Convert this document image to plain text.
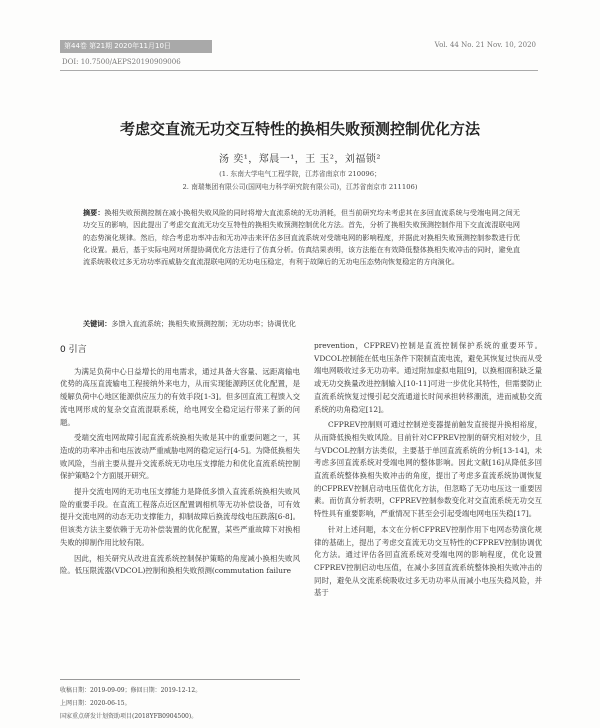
第44卷 第21期 2020年11月10日	Vol. 44 No. 21 Nov. 10, 2020
DOI: 10.7500/AEPS20190909006
考虑交直流无功交互特性的换相失败预测控制优化方法
汤 奕¹，郑晨一¹，王 玉²，刘福锁²
(1. 东南大学电气工程学院，江苏省南京市 210096；
2. 南瑞集团有限公司(国网电力科学研究院有限公司)，江苏省南京市 211106)
摘要：换相失败预测控制在减小换相失败风险的同时将增大直流系统的无功消耗，但当前研究均未考虑其在多回直流系统与受端电网之间无功交互的影响，因此提出了考虑交直流无功交互特性的换相失败预测控制优化方法。首先，分析了换相失败预测控制作用下交直流混联电网的态势演化规律。然后，综合考虑功率冲击和无功冲击来评估多回直流系统对受端电网的影响程度，并据此对换相失败预测控制参数进行优化设置。最后，基于实际电网对所提协调优化方法进行了仿真分析。仿真结果表明，该方法能在有效降低整体换相失败冲击的同时，避免直流系统吸收过多无功功率而威胁交直流混联电网的无功电压稳定，有利于故障后的无功电压态势向恢复稳定的方向演化。
关键词：多馈入直流系统；换相失败预测控制；无功功率；协调优化
0 引言

为满足负荷中心日益增长的用电需求，通过具备大容量、远距离输电优势的高压直流输电工程接纳外来电力，从而实现能源跨区优化配置，是缓解负荷中心地区能源供应压力的有效手段[1-3]。但多回直流工程馈入交流电网形成的复杂交直流混联系统，给电网安全稳定运行带来了新的问题。

受端交流电网故障引起直流系统换相失败是其中的重要问题之一，其造成的功率冲击和电压波动严重威胁电网的稳定运行[4-5]。为降低换相失败风险，当前主要从提升交流系统无功电压支撑能力和优化直流系统控制保护策略2个方面展开研究。

提升交流电网的无功电压支撑能力是降低多馈入直流系统换相失败风险的重要手段。在直流工程落点近区配置调相机等无功补偿设备，可有效提升交流电网的动态无功支撑能力，抑制故障后换流母线电压跌落[6-8]。但该类方法主要依赖于无功补偿装置的优化配置，某些严重故障下对换相失败的抑制作用比较有限。

因此，相关研究从改进直流系统控制保护策略的角度减小换相失败风险。低压限流器(VDCOL)控制和换相失败预测(commutation failure

prevention，CFPREV)控制是直流控制保护系统的重要环节。VDCOL控制能在低电压条件下限制直流电流，避免其恢复过快而从受端电网吸收过多无功功率。通过附加虚拟电阻[9]，以换相面积缺乏量或无功交换量改进控制输入[10-11]可进一步优化其特性，但需要防止直流系统恢复过慢引起交流通道长时间承担转移潮流，进而威胁交流系统的功角稳定[12]。

CFPREV控制则可通过控制逆变器提前触发直接提升换相裕度，从而降低换相失败风险。目前针对CFPREV控制的研究相对较少，且与VDCOL控制方法类似，主要基于单回直流系统的分析[13-14]，未考虑多回直流系统对受端电网的整体影响。因此文献[16]从降低多回直流系统整体换相失败冲击的角度，提出了考虑多直流系统协调恢复的CFPREV控制启动电压值优化方法，但忽略了无功电压这一重要因素。而仿真分析表明，CFPREV控制参数变化对交直流系统无功交互特性具有重要影响，严重情况下甚至会引起受端电网电压失稳[17]。

针对上述问题，本文在分析CFPREV控制作用下电网态势演化规律的基础上，提出了考虑交直流无功交互特性的CFPREV控制协调优化方法。通过评估各回直流系统对受端电网的影响程度，优化设置CFPREV控制启动电压值，在减小多回直流系统整体换相失败冲击的同时，避免从交流系统吸收过多无功功率从而减小电压失稳风险，并基于

收稿日期：2019-09-09；修回日期：2019-12-12。
上网日期：2020-06-15。
国家重点研发计划资助项目(2018YFB0904500)。
